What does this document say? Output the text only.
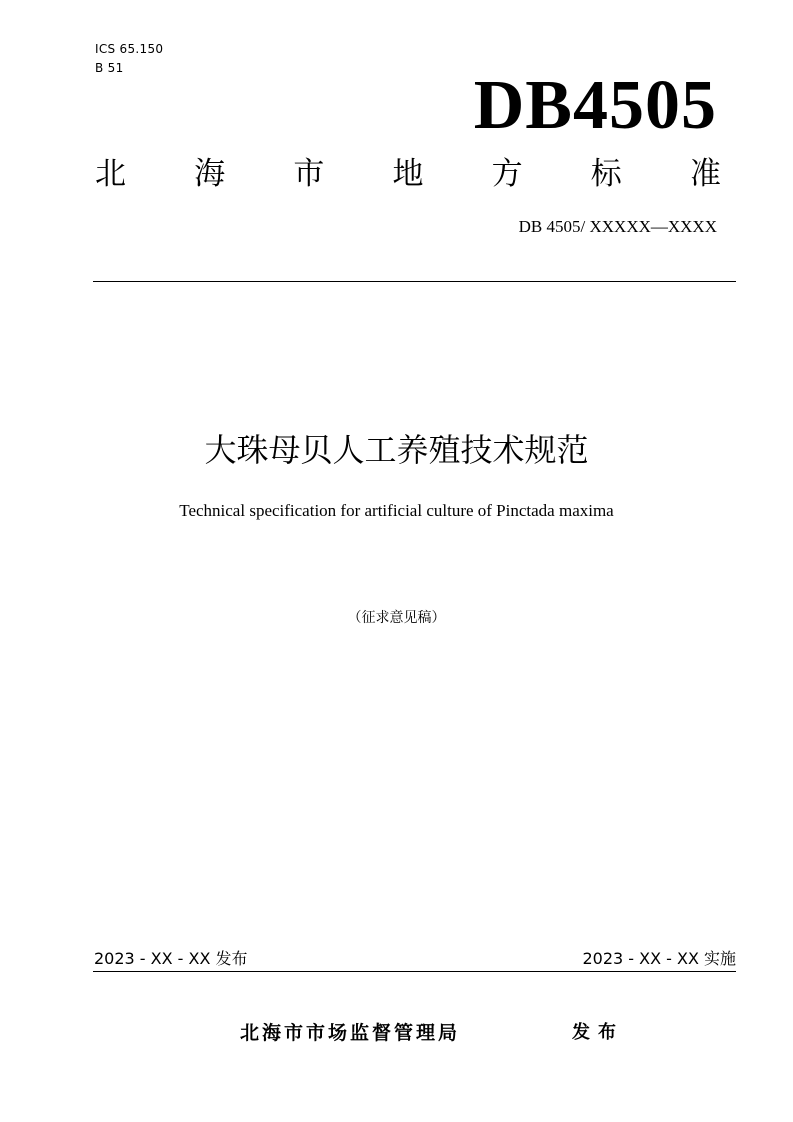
ICS 65.150
B 51	DB4505
北 海 市 地 方 标 准
DB 4505/ XXXXX—XXXX
大珠母贝人工养殖技术规范
Technical specification for artificial culture of Pinctada maxima
（征求意见稿）
2023 - XX - XX 发布	2023 - XX - XX 实施
北海市市场监督管理局	发布
